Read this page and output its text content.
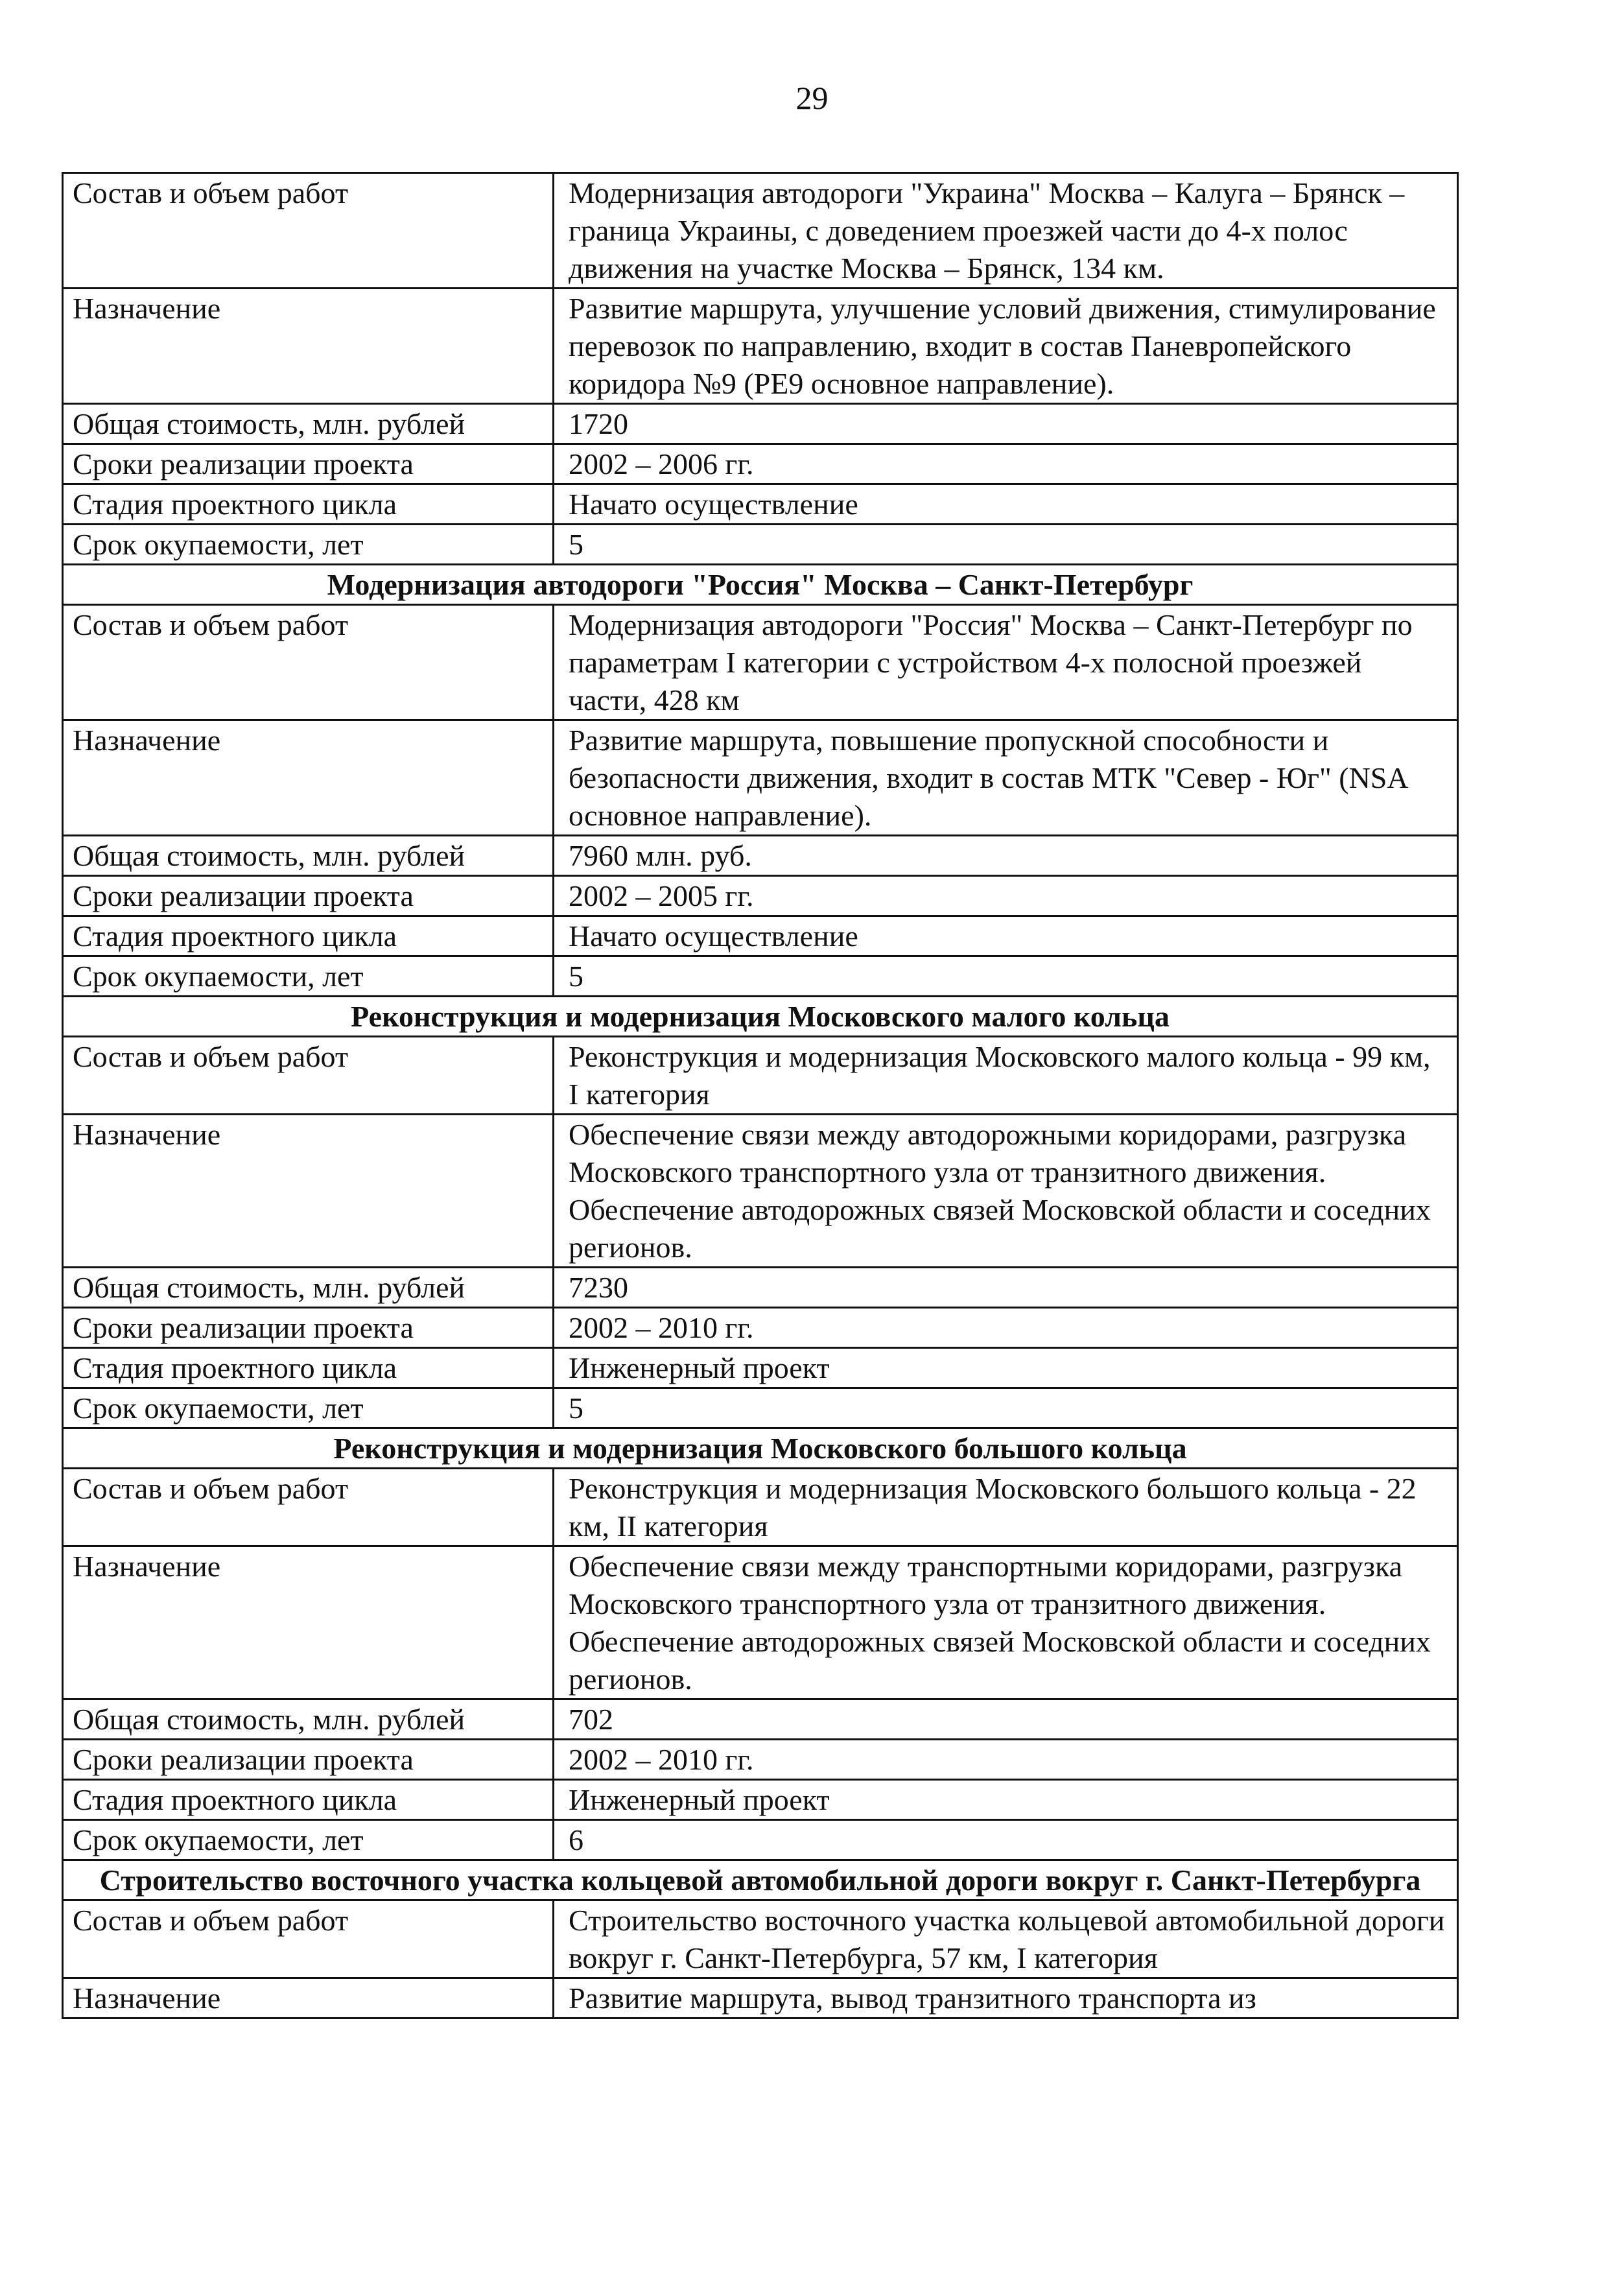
29
Состав и объем работ	Модернизация автодороги "Украина" Москва – Калуга – Брянск – граница Украины, с доведением проезжей части до 4-х полос движения на участке Москва – Брянск, 134 км.
Назначение	Развитие маршрута, улучшение условий движения, стимулирование перевозок по направлению, входит в состав Паневропейского коридора №9 (РЕ9 основное направление).
Общая стоимость, млн. рублей	1720
Сроки реализации проекта	2002 – 2006 гг.
Стадия проектного цикла	Начато осуществление
Срок окупаемости, лет	5
Модернизация автодороги "Россия" Москва – Санкт-Петербург	
Состав и объем работ	Модернизация автодороги "Россия" Москва – Санкт-Петербург по параметрам I категории с устройством 4-х полосной проезжей части, 428 км
Назначение	Развитие маршрута, повышение пропускной способности и безопасности движения, входит в состав МТК "Север - Юг" (NSA основное направление).
Общая стоимость, млн. рублей	7960 млн. руб.
Сроки реализации проекта	2002 – 2005 гг.
Стадия проектного цикла	Начато осуществление
Срок окупаемости, лет	5
Реконструкция и модернизация Московского малого кольца	
Состав и объем работ	Реконструкция и модернизация Московского малого кольца - 99 км, I категория
Назначение	Обеспечение связи между автодорожными коридорами, разгрузка Московского транспортного узла от транзитного движения. Обеспечение автодорожных связей Московской области и соседних регионов.
Общая стоимость, млн. рублей	7230
Сроки реализации проекта	2002 – 2010 гг.
Стадия проектного цикла	Инженерный проект
Срок окупаемости, лет	5
Реконструкция и модернизация Московского большого кольца	
Состав и объем работ	Реконструкция и модернизация Московского большого кольца - 22 км, II категория
Назначение	Обеспечение связи между транспортными коридорами, разгрузка Московского транспортного узла от транзитного движения. Обеспечение автодорожных связей Московской области и соседних регионов.
Общая стоимость, млн. рублей	702
Сроки реализации проекта	2002 – 2010 гг.
Стадия проектного цикла	Инженерный проект
Срок окупаемости, лет	6
Строительство восточного участка кольцевой автомобильной дороги вокруг г. Санкт-Петербурга	
Состав и объем работ	Строительство восточного участка кольцевой автомобильной дороги вокруг г. Санкт-Петербурга, 57 км, I категория
Назначение	Развитие маршрута, вывод транзитного транспорта из
